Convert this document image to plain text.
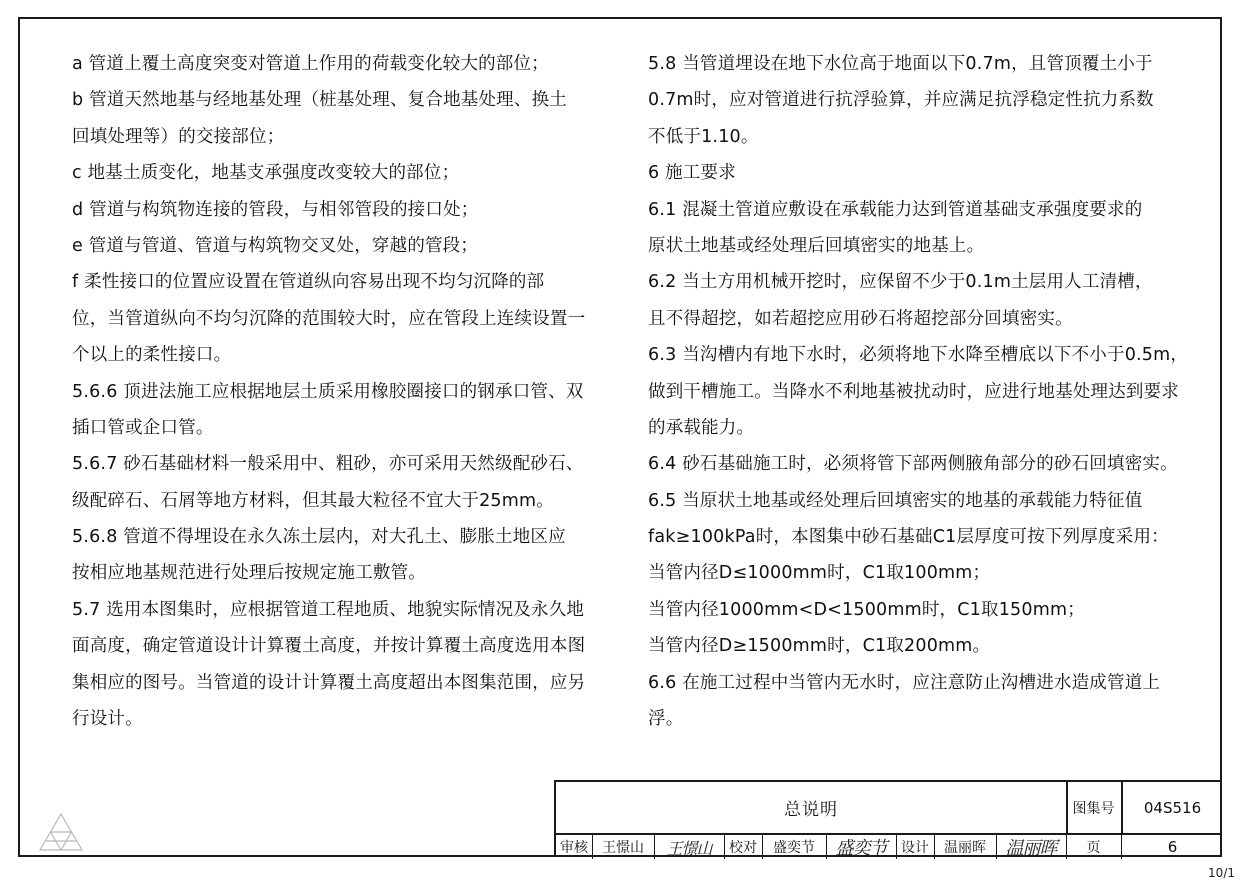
a 管道上覆土高度突变对管道上作用的荷载变化较大的部位；
b 管道天然地基与经地基处理（桩基处理、复合地基处理、换土
回填处理等）的交接部位；
c 地基土质变化，地基支承强度改变较大的部位；
d 管道与构筑物连接的管段，与相邻管段的接口处；
e 管道与管道、管道与构筑物交叉处，穿越的管段；
f 柔性接口的位置应设置在管道纵向容易出现不均匀沉降的部
位，当管道纵向不均匀沉降的范围较大时，应在管段上连续设置一
个以上的柔性接口。
5.6.6 顶进法施工应根据地层土质采用橡胶圈接口的钢承口管、双
插口管或企口管。
5.6.7 砂石基础材料一般采用中、粗砂，亦可采用天然级配砂石、
级配碎石、石屑等地方材料，但其最大粒径不宜大于25mm。
5.6.8 管道不得埋设在永久冻土层内，对大孔土、膨胀土地区应
按相应地基规范进行处理后按规定施工敷管。
5.7 选用本图集时，应根据管道工程地质、地貌实际情况及永久地
面高度，确定管道设计计算覆土高度，并按计算覆土高度选用本图
集相应的图号。当管道的设计计算覆土高度超出本图集范围，应另
行设计。
5.8 当管道埋设在地下水位高于地面以下0.7m，且管顶覆土小于
0.7m时，应对管道进行抗浮验算，并应满足抗浮稳定性抗力系数
不低于1.10。
6 施工要求
6.1 混凝土管道应敷设在承载能力达到管道基础支承强度要求的
原状土地基或经处理后回填密实的地基上。
6.2 当土方用机械开挖时，应保留不少于0.1m土层用人工清槽，
且不得超挖，如若超挖应用砂石将超挖部分回填密实。
6.3 当沟槽内有地下水时，必须将地下水降至槽底以下不小于0.5m，
做到干槽施工。当降水不利地基被扰动时，应进行地基处理达到要求
的承载能力。
6.4 砂石基础施工时，必须将管下部两侧腋角部分的砂石回填密实。
6.5 当原状土地基或经处理后回填密实的地基的承载能力特征值
fak≥100kPa时，本图集中砂石基础C1层厚度可按下列厚度采用：
当管内径D≤1000mm时，C1取100mm；
当管内径1000mm<D<1500mm时，C1取150mm；
当管内径D≥1500mm时，C1取200mm。
6.6 在施工过程中当管内无水时，应注意防止沟槽进水造成管道上
浮。
总说明	图集号	04S516
审核	王憬山	王憬山	校对	盛奕节	盛奕节	设计	温丽晖	温丽晖	页	6
10/1
